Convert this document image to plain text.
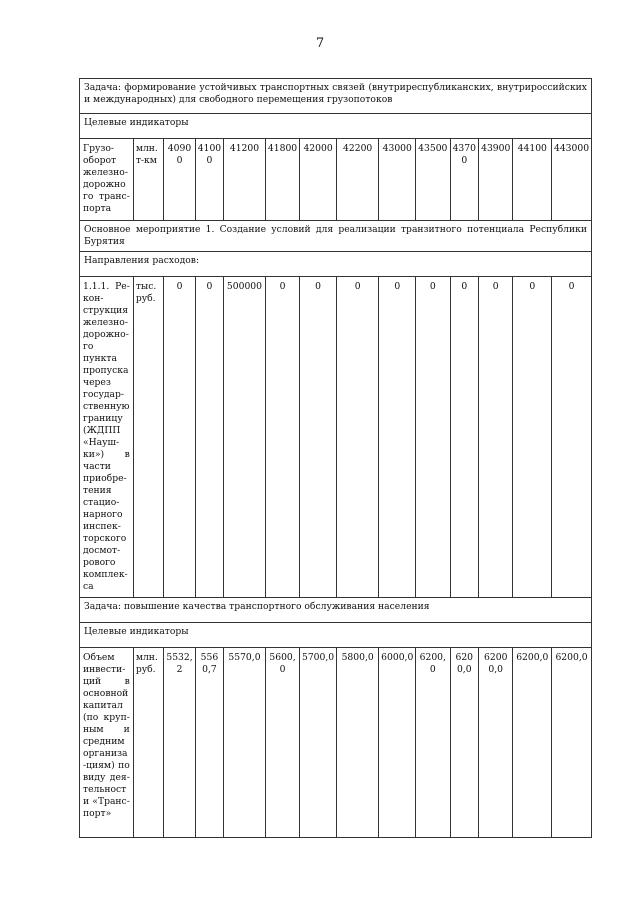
7
Задача: формирование устойчивых транспортных связей (внутриреспубликанских, внутрироссийских и международных) для свободного перемещения грузопотоков													
Целевые индикаторы													
Грузо-оборот железно-дорожного транс-порта	млн. т-км	40900	41000	41200	41800	42000	42200	43000	43500	43700	43900	44100	443000
Основное мероприятие 1. Создание условий для реализации транзитного потенциала Республики Бурятия													
Направления расходов:													
1.1.1. Ре-кон-струкция железно-дорожно-го пункта пропуска через государ-ственную границу (ЖДПП «Науш-ки») в части приобре-тения стацио-нарного инспек-торского досмот-рового комплек-са	тыс. руб.	0	0	500000	0	0	0	0	0	0	0	0	0
Задача: повышение качества транспортного обслуживания населения													
Целевые индикаторы													
Объем инвести-ций в основной капитал (по круп-ным и средним организа-циям) по виду дея-тельности «Транс-порт»	млн. руб.	5532,2	5560,7	5570,0	5600,0	5700,0	5800,0	6000,0	6200,0	6200,0	62000,0	6200,0	6200,0
